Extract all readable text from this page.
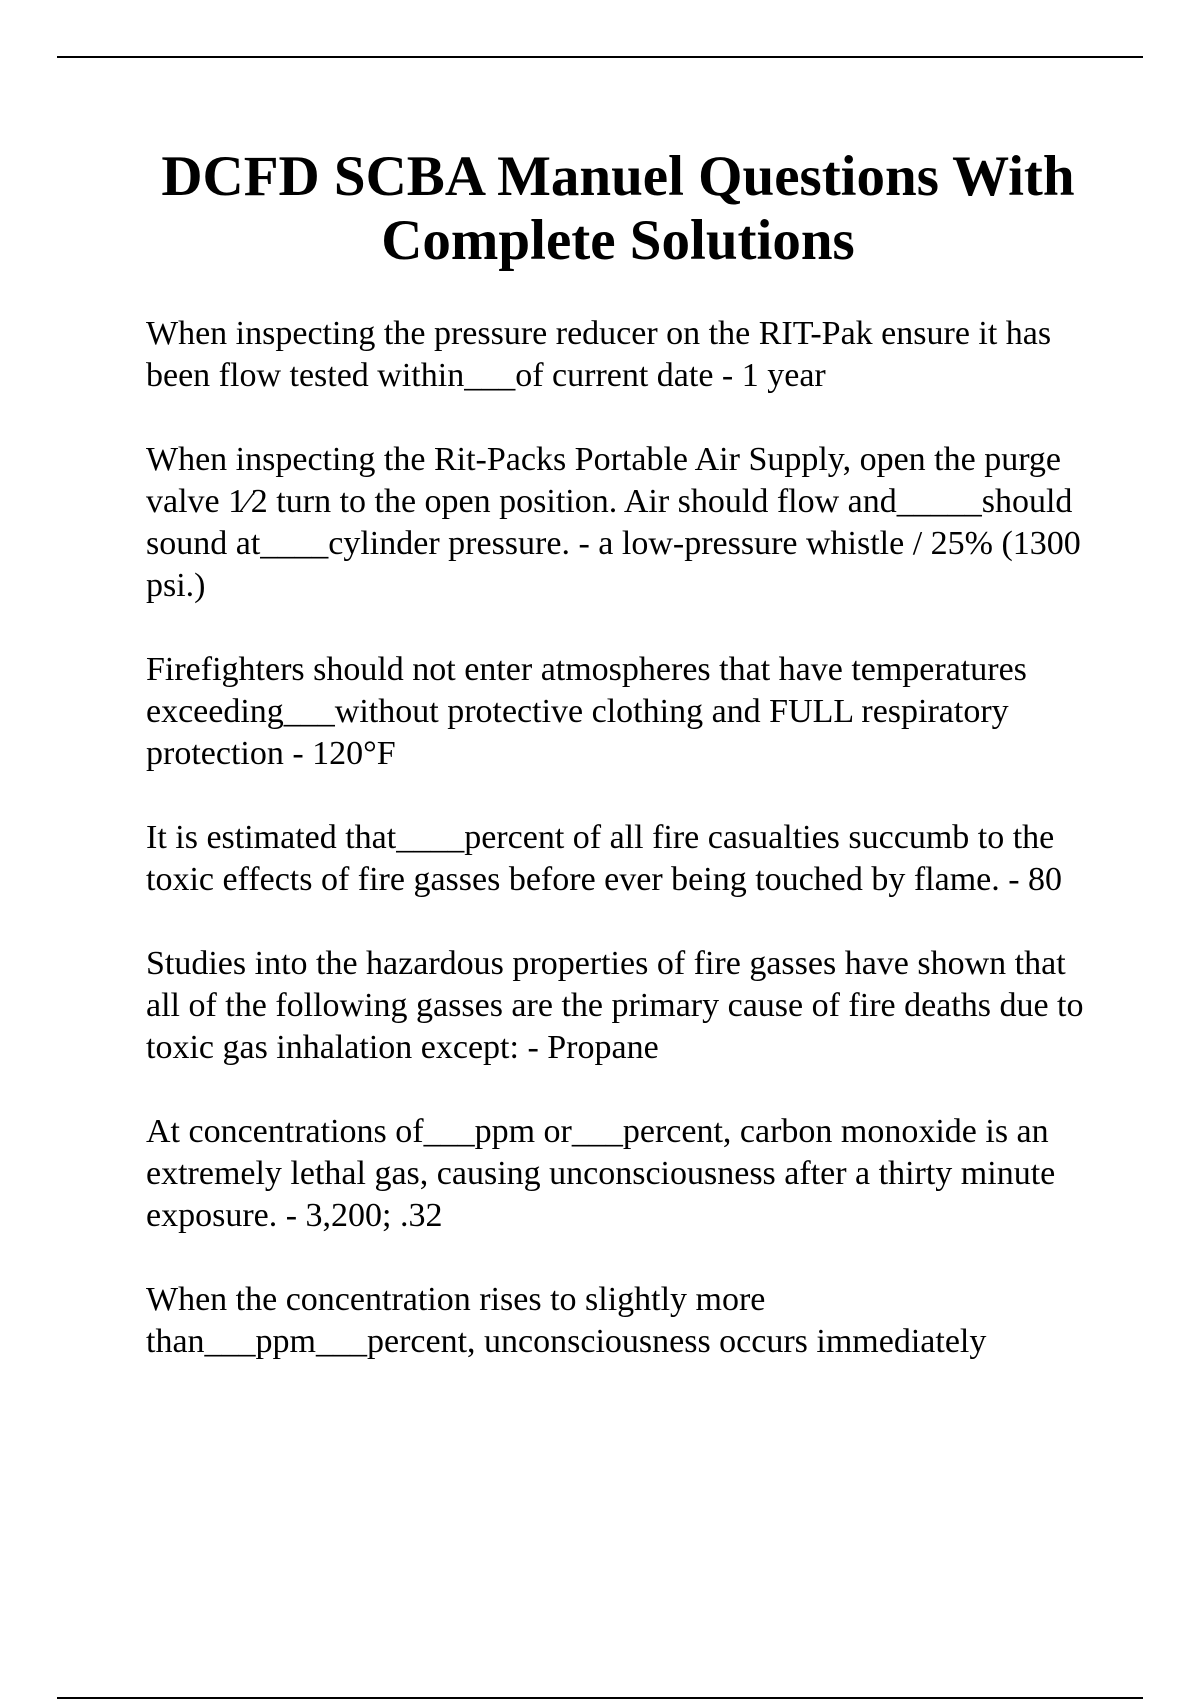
DCFD SCBA Manuel Questions With Complete Solutions

When inspecting the pressure reducer on the RIT-Pak ensure it has been flow tested within___of current date - 1 year

When inspecting the Rit-Packs Portable Air Supply, open the purge valve 1⁄2 turn to the open position. Air should flow and_____should sound at____cylinder pressure. - a low-pressure whistle / 25% (1300 psi.)

Firefighters should not enter atmospheres that have temperatures exceeding___without protective clothing and FULL respiratory protection - 120°F

It is estimated that____percent of all fire casualties succumb to the toxic effects of fire gasses before ever being touched by flame. - 80

Studies into the hazardous properties of fire gasses have shown that all of the following gasses are the primary cause of fire deaths due to toxic gas inhalation except: - Propane

At concentrations of___ppm or___percent, carbon monoxide is an extremely lethal gas, causing unconsciousness after a thirty minute exposure. - 3,200; .32

When the concentration rises to slightly more than___ppm___percent, unconsciousness occurs immediately
